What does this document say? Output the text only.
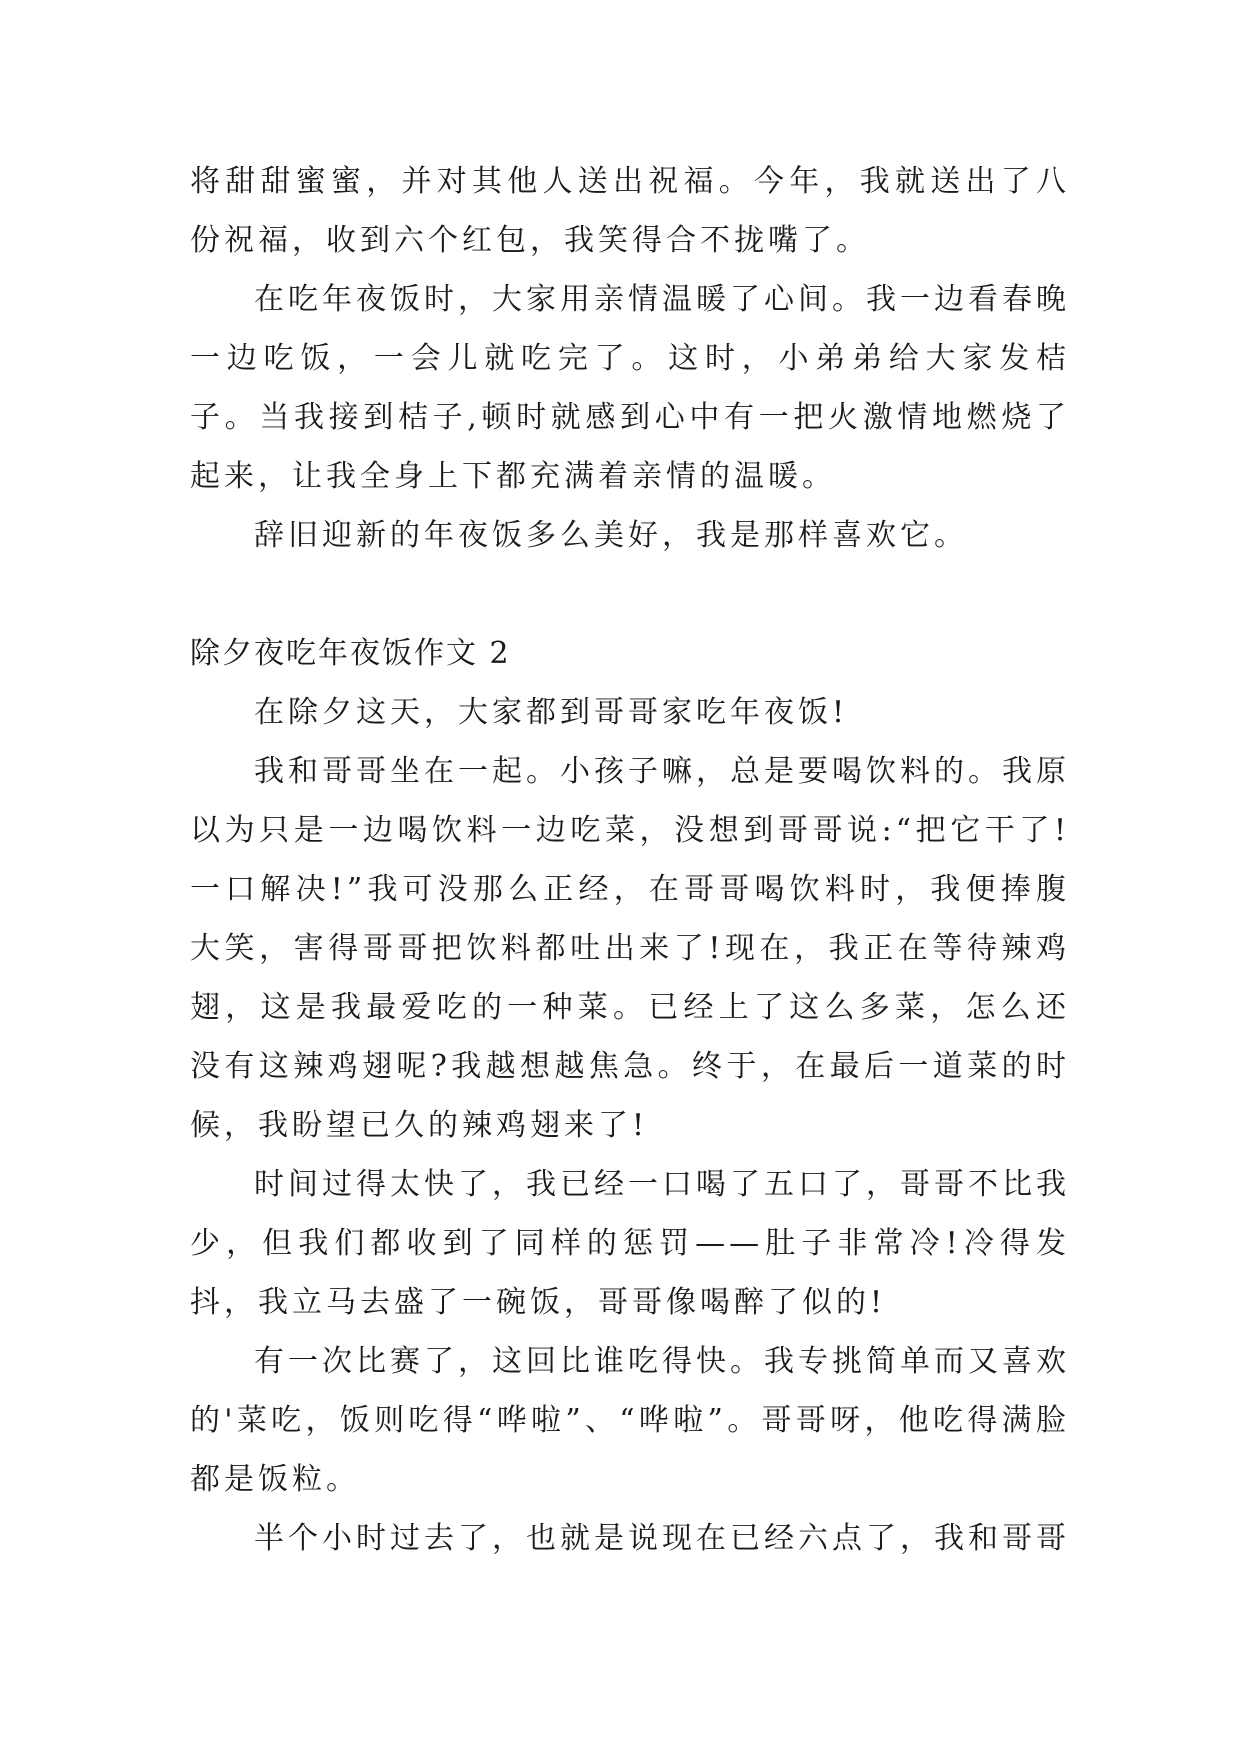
将甜甜蜜蜜，并对其他人送出祝福。今年，我就送出了八份祝福，收到六个红包，我笑得合不拢嘴了。

在吃年夜饭时，大家用亲情温暖了心间。我一边看春晚一边吃饭，一会儿就吃完了。这时，小弟弟给大家发桔子。当我接到桔子,顿时就感到心中有一把火激情地燃烧了起来，让我全身上下都充满着亲情的温暖。

辞旧迎新的年夜饭多么美好，我是那样喜欢它。

除夕夜吃年夜饭作文 2

在除夕这天，大家都到哥哥家吃年夜饭!

我和哥哥坐在一起。小孩子嘛，总是要喝饮料的。我原以为只是一边喝饮料一边吃菜，没想到哥哥说:“把它干了!一口解决!”我可没那么正经，在哥哥喝饮料时，我便捧腹大笑，害得哥哥把饮料都吐出来了!现在，我正在等待辣鸡翅，这是我最爱吃的一种菜。已经上了这么多菜，怎么还没有这辣鸡翅呢?我越想越焦急。终于，在最后一道菜的时候，我盼望已久的辣鸡翅来了!

时间过得太快了，我已经一口喝了五口了，哥哥不比我少，但我们都收到了同样的惩罚——肚子非常冷!冷得发抖，我立马去盛了一碗饭，哥哥像喝醉了似的!

有一次比赛了，这回比谁吃得快。我专挑简单而又喜欢的'菜吃，饭则吃得“哗啦”、“哗啦”。哥哥呀，他吃得满脸都是饭粒。

半个小时过去了，也就是说现在已经六点了，我和哥哥
